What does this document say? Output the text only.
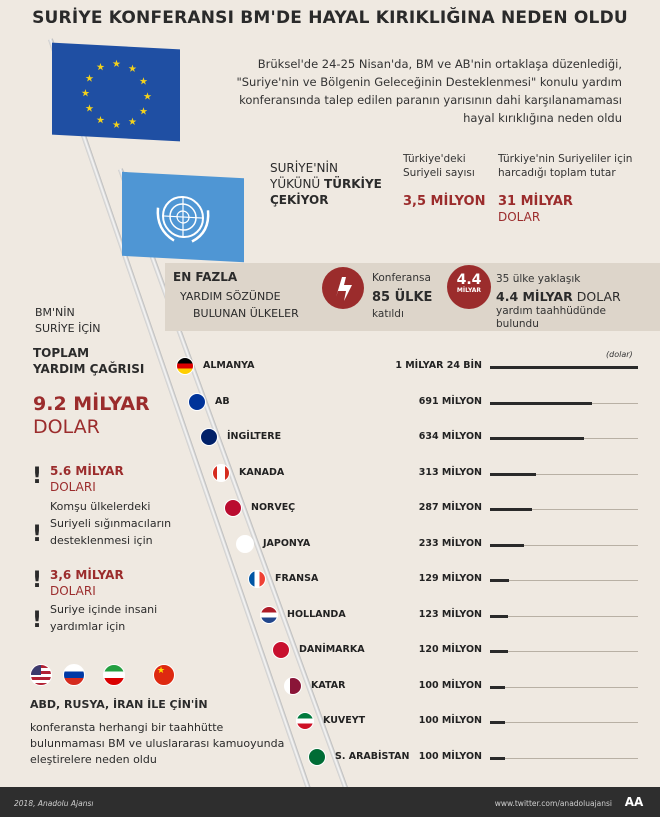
SURİYE KONFERANSI BM'DE HAYAL KIRIKLIĞINA NEDEN OLDU
Brüksel'de 24-25 Nisan'da, BM ve AB'nin ortaklaşa düzenlediği, "Suriye'nin ve Bölgenin Geleceğinin Desteklenmesi" konulu yardım konferansında talep edilen paranın yarısının dahi karşılanamaması hayal kırıklığına neden oldu
★ ★
★
★
★
★
★
★
★
★
★
★
SURİYE'NİN
YÜKÜNÜ TÜRKİYE
ÇEKİYOR
Türkiye'deki Suriyeli sayısı
3,5 MİLYON
Türkiye'nin Suriyeliler için harcadığı toplam tutar
31 MİLYAR
DOLAR
EN FAZLA
YARDIM SÖZÜNDE
BULUNAN ÜLKELER
Konferansa
85 ÜLKE
katıldı
4.4
MİLYAR
35 ülke yaklaşık
4.4 MİLYAR DOLAR
yardım taahhüdünde
bulundu
BM'NİN
SURİYE İÇİN
TOPLAM
YARDIM ÇAĞRISI
9.2 MİLYAR
DOLAR
! 5.6 MİLYAR
DOLARI
!
Komşu ülkelerdeki
Suriyeli sığınmacıların
desteklenmesi için
! 3,6 MİLYAR
DOLARI
! Suriye içinde insani
yardımlar için
★
ABD, RUSYA, İRAN İLE ÇİN'İN
konferansta herhangi bir taahhütte
bulunmaması BM ve uluslararası kamuoyunda
eleştirelere neden oldu
(dolar)
ALMANYA	1 MİLYAR 24 BİN
AB	691 MİLYON
İNGİLTERE	634 MİLYON
KANADA	313 MİLYON
NORVEÇ	287 MİLYON
JAPONYA	233 MİLYON
FRANSA	129 MİLYON
HOLLANDA	123 MİLYON
DANİMARKA	120 MİLYON
KATAR	100 MİLYON
KUVEYT	100 MİLYON
S. ARABİSTAN 100 MİLYON
2018, Anadolu Ajansı	www.twitter.com/anadoluajansi AA
